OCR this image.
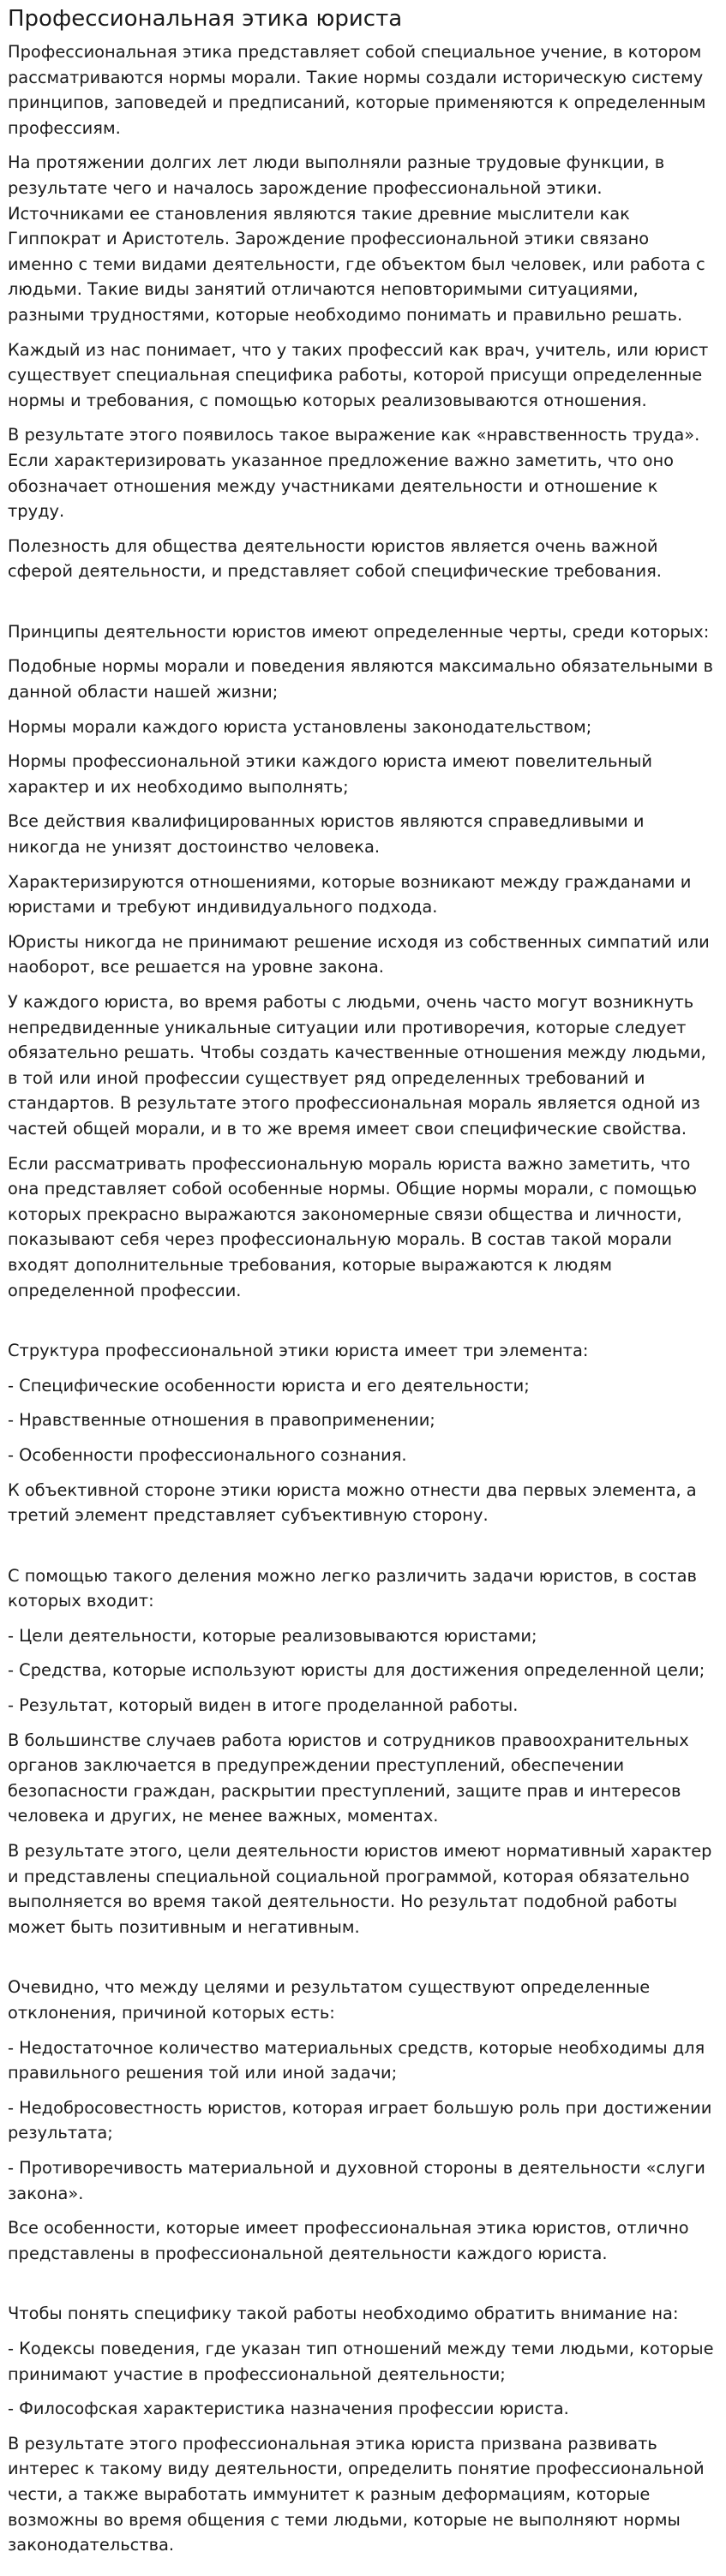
Профессиональная этика юриста

Профессиональная этика представляет собой специальное учение, в котором рассматриваются нормы морали. Такие нормы создали историческую систему принципов, заповедей и предписаний, которые применяются к определенным профессиям.

На протяжении долгих лет люди выполняли разные трудовые функции, в результате чего и началось зарождение профессиональной этики. Источниками ее становления являются такие древние мыслители как Гиппократ и Аристотель. Зарождение профессиональной этики связано именно с теми видами деятельности, где объектом был человек, или работа с людьми. Такие виды занятий отличаются неповторимыми ситуациями, разными трудностями, которые необходимо понимать и правильно решать.

Каждый из нас понимает, что у таких профессий как врач, учитель, или юрист существует специальная специфика работы, которой присущи определенные нормы и требования, с помощью которых реализовываются отношения.

В результате этого появилось такое выражение как «нравственность труда». Если характеризировать указанное предложение важно заметить, что оно обозначает отношения между участниками деятельности и отношение к труду.

Полезность для общества деятельности юристов является очень важной сферой деятельности, и представляет собой специфические требования.

Принципы деятельности юристов имеют определенные черты, среди которых:

Подобные нормы морали и поведения являются максимально обязательными в данной области нашей жизни;

Нормы морали каждого юриста установлены законодательством;

Нормы профессиональной этики каждого юриста имеют повелительный характер и их необходимо выполнять;

Все действия квалифицированных юристов являются справедливыми и никогда не унизят достоинство человека.

Характеризируются отношениями, которые возникают между гражданами и юристами и требуют индивидуального подхода.

Юристы никогда не принимают решение исходя из собственных симпатий или наоборот, все решается на уровне закона.

У каждого юриста, во время работы с людьми, очень часто могут возникнуть непредвиденные уникальные ситуации или противоречия, которые следует обязательно решать. Чтобы создать качественные отношения между людьми, в той или иной профессии существует ряд определенных требований и стандартов. В результате этого профессиональная мораль является одной из частей общей морали, и в то же время имеет свои специфические свойства.

Если рассматривать профессиональную мораль юриста важно заметить, что она представляет собой особенные нормы. Общие нормы морали, с помощью которых прекрасно выражаются закономерные связи общества и личности, показывают себя через профессиональную мораль. В состав такой морали входят дополнительные требования, которые выражаются к людям определенной профессии.

Структура профессиональной этики юриста имеет три элемента:

- Специфические особенности юриста и его деятельности;

- Нравственные отношения в правоприменении;

- Особенности профессионального сознания.

К объективной стороне этики юриста можно отнести два первых элемента, а третий элемент представляет субъективную сторону.

С помощью такого деления можно легко различить задачи юристов, в состав которых входит:

- Цели деятельности, которые реализовываются юристами;

- Средства, которые используют юристы для достижения определенной цели;

- Результат, который виден в итоге проделанной работы.

В большинстве случаев работа юристов и сотрудников правоохранительных органов заключается в предупреждении преступлений, обеспечении безопасности граждан, раскрытии преступлений, защите прав и интересов человека и других, не менее важных, моментах.

В результате этого, цели деятельности юристов имеют нормативный характер и представлены специальной социальной программой, которая обязательно выполняется во время такой деятельности. Но результат подобной работы может быть позитивным и негативным.

Очевидно, что между целями и результатом существуют определенные отклонения, причиной которых есть:

- Недостаточное количество материальных средств, которые необходимы для правильного решения той или иной задачи;

- Недобросовестность юристов, которая играет большую роль при достижении результата;

- Противоречивость материальной и духовной стороны в деятельности «слуги закона».

Все особенности, которые имеет профессиональная этика юристов, отлично представлены в профессиональной деятельности каждого юриста.

Чтобы понять специфику такой работы необходимо обратить внимание на:

- Кодексы поведения, где указан тип отношений между теми людьми, которые принимают участие в профессиональной деятельности;

- Философская характеристика назначения профессии юриста.

В результате этого профессиональная этика юриста призвана развивать интерес к такому виду деятельности, определить понятие профессиональной чести, а также выработать иммунитет к разным деформациям, которые возможны во время общения с теми людьми, которые не выполняют нормы законодательства.
